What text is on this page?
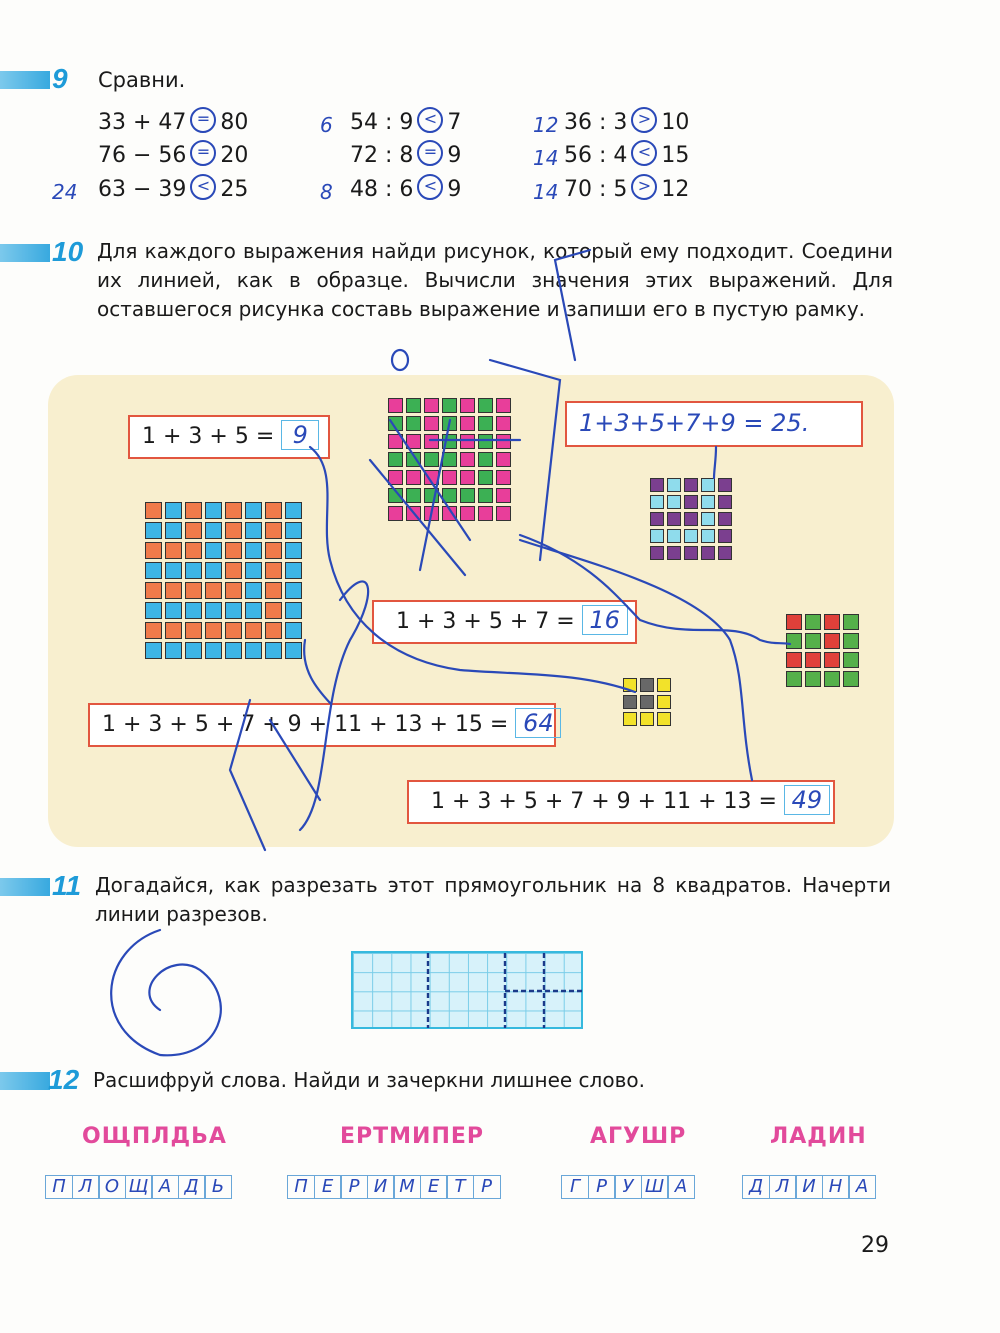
9 Сравни.
33 + 47 = 80
76 − 56 = 20
63 − 39 < 25
24
54 : 9 < 7
6
72 : 8 = 9
48 : 6 < 9
8
36 : 3 > 10
12
56 : 4 < 15
14
70 : 5 > 12
14
10 Для каждого выражения найди рисунок, который ему подходит. Соедини их линией, как в образце. Вычисли значения этих выражений. Для оставшегося рисунка составь выражение и запиши его в пустую рамку.
1 + 3 + 5 = 9	1+3+5+7+9 = 25.
1 + 3 + 5 + 7 = 16
1 + 3 + 5 + 7 + 9 + 11 + 13 + 15 = 64
1 + 3 + 5 + 7 + 9 + 11 + 13 = 49
11 Догадайся, как разрезать этот прямоугольник на 8 квадратов. Начерти линии разрезов.
12 Расшифруй слова. Найди и зачеркни лишнее слово.
ОЩПЛДЬА	ЕРТМИПЕР	АГУШР	ЛАДИН
П Л О Щ А Д Ь	П Е Р И М Е Т Р	Г Р У Ш А	Д Л И Н А
29
